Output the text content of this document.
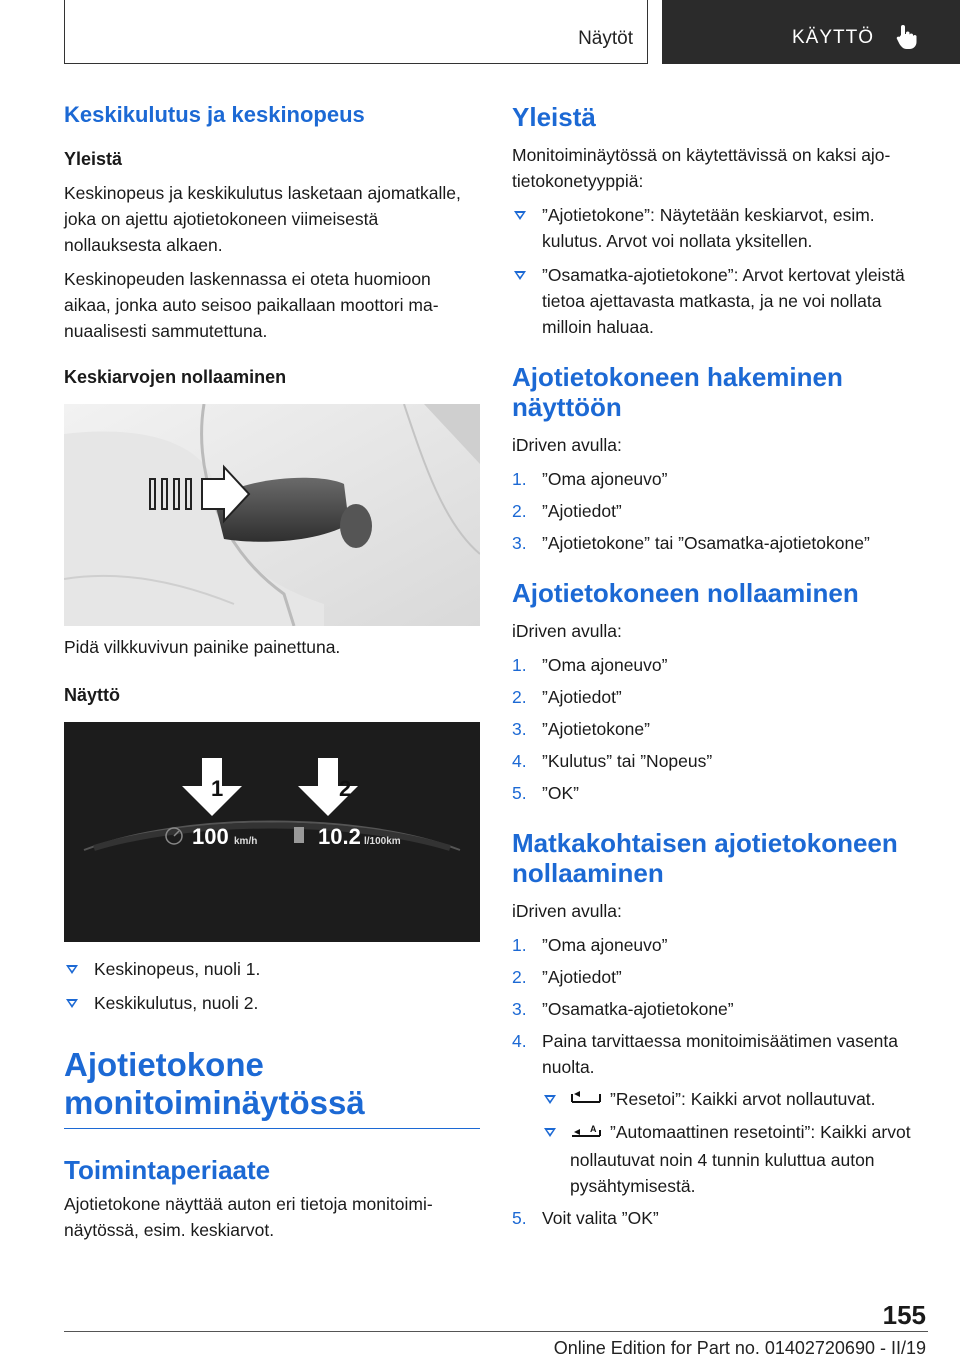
Näytöt	KÄYTTÖ
Keskikulutus ja keskinopeus
Yleistä

Keskinopeus ja keskikulutus lasketaan ajomatkalle, joka on ajettu ajotietokoneen viimeisestä nollauksesta alkaen.

Keskinopeuden laskennassa ei oteta huomioon aikaa, jonka auto seisoo paikallaan moottori manuaalisesti sammutettuna.

Keskiarvojen nollaaminen

Pidä vilkkuvivun painike painettuna.

Näyttö
1	2
100 km/h	10.2 l/100km
Keskinopeus, nuoli 1.
Keskikulutus, nuoli 2.
Ajotietokone
monitoiminäytössä
Toimintaperiaate

Ajotietokone näyttää auton eri tietoja monitoiminäytössä, esim. keskiarvot.

Yleistä

Monitoiminäytössä on käytettävissä on kaksi ajotietokonetyyppiä:

”Ajotietokone”: Näytetään keskiarvot, esim. kulutus. Arvot voi nollata yksitellen.
”Osamatka-ajotietokone”: Arvot kertovat yleistä tietoa ajettavasta matkasta, ja ne voi nollata milloin haluaa.
Ajotietokoneen hakeminen näyttöön

iDriven avulla:

1. ”Oma ajoneuvo”
2. ”Ajotiedot”
3. ”Ajotietokone” tai ”Osamatka-ajotietokone”
Ajotietokoneen nollaaminen

iDriven avulla:

1. ”Oma ajoneuvo”
2. ”Ajotiedot”
3. ”Ajotietokone”
4. ”Kulutus” tai ”Nopeus”
5. ”OK”
Matkakohtaisen ajotietokoneen nollaaminen

iDriven avulla:

1. ”Oma ajoneuvo”
2. ”Ajotiedot”
3. ”Osamatka-ajotietokone”
4. Paina tarvittaessa monitoimisäätimen vasenta nuolta.
”Resetoi”: Kaikki arvot nollautuvat.
A ”Automaattinen resetointi”: Kaikki arvot nollautuvat noin 4 tunnin kuluttua auton pysähtymisestä.
5. Voit valita ”OK”
155
Online Edition for Part no. 01402720690 - II/19
